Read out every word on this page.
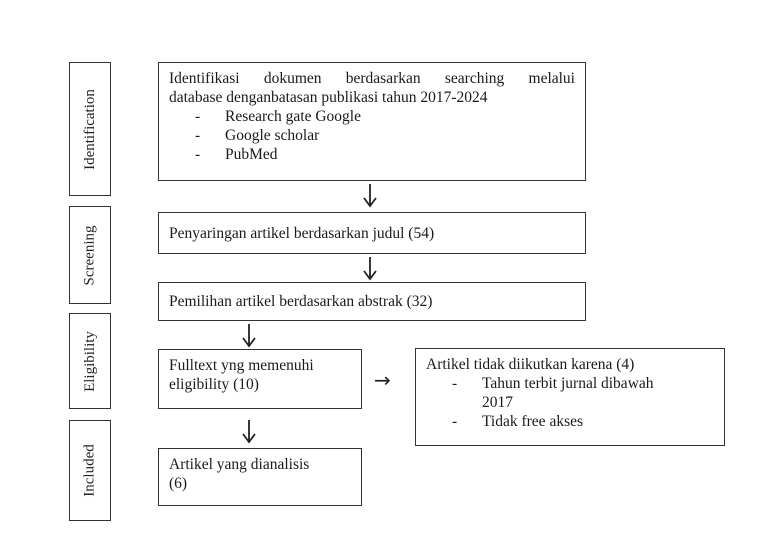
Identification
Screening
Eligibility
Included
Identifikasi dokumen berdasarkan searching melalui
database denganbatasan publikasi tahun 2017-2024
- Research gate Google
- Google scholar
- PubMed
Penyaringan artikel berdasarkan judul (54)
Pemilihan artikel berdasarkan abstrak (32)
Fulltext yng memenuhi
eligibility (10)	→
Artikel tidak diikutkan karena (4)
- Tahun terbit jurnal dibawah
2017
- Tidak free akses
Artikel yang dianalisis
(6)
